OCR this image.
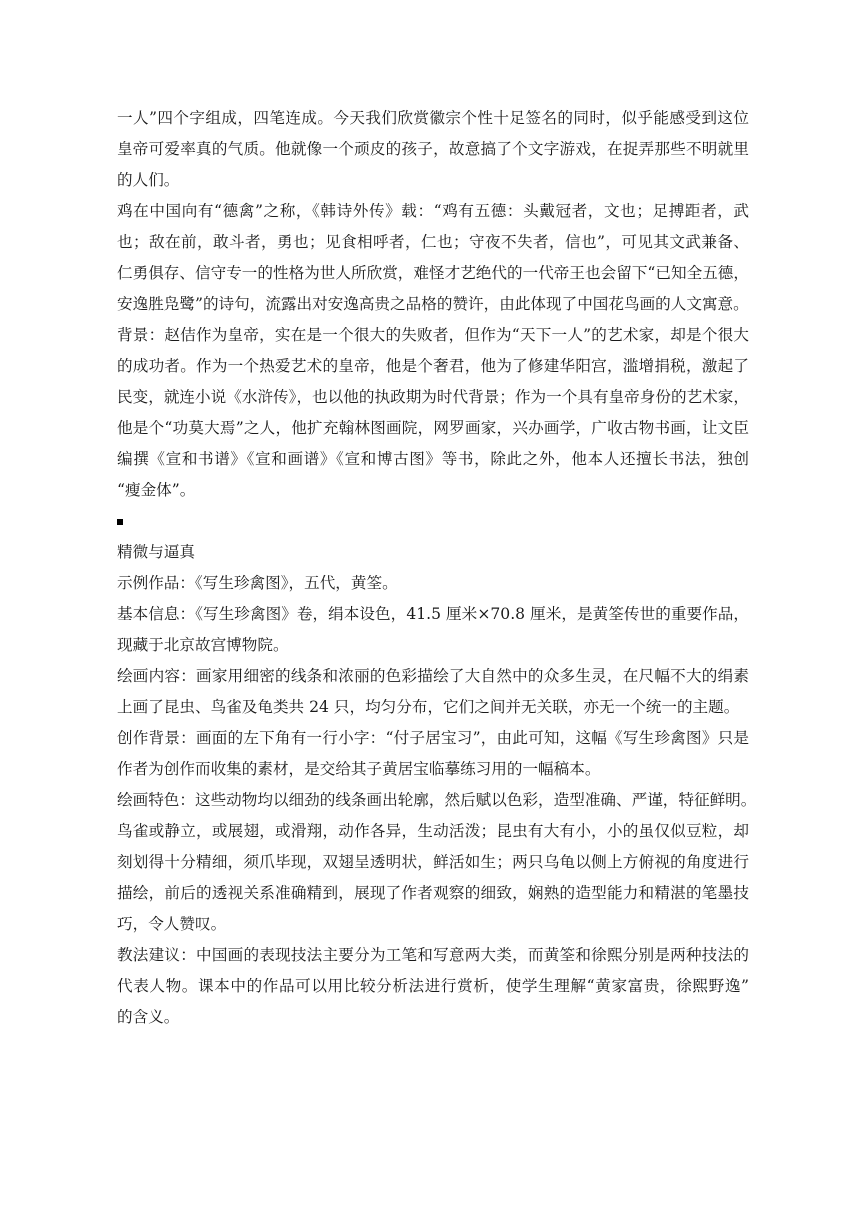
一人”四个字组成，四笔连成。今天我们欣赏徽宗个性十足签名的同时，似乎能感受到这位
皇帝可爱率真的气质。他就像一个顽皮的孩子，故意搞了个文字游戏，在捉弄那些不明就里
的人们。

鸡在中国向有“德禽”之称，《韩诗外传》载：“鸡有五德：头戴冠者，文也；足搏距者，武
也；敌在前，敢斗者，勇也；见食相呼者，仁也；守夜不失者，信也”，可见其文武兼备、
仁勇俱存、信守专一的性格为世人所欣赏，难怪才艺绝代的一代帝王也会留下“已知全五德，
安逸胜凫鹭”的诗句，流露出对安逸高贵之品格的赞许，由此体现了中国花鸟画的人文寓意。

背景：赵佶作为皇帝，实在是一个很大的失败者，但作为“天下一人”的艺术家，却是个很大
的成功者。作为一个热爱艺术的皇帝，他是个奢君，他为了修建华阳宫，滥增捐税，激起了
民变，就连小说《水浒传》，也以他的执政期为时代背景；作为一个具有皇帝身份的艺术家，
他是个“功莫大焉”之人，他扩充翰林图画院，网罗画家，兴办画学，广收古物书画，让文臣
编撰《宣和书谱》《宣和画谱》《宣和博古图》等书，除此之外，他本人还擅长书法，独创
“瘦金体”。

精微与逼真

示例作品：《写生珍禽图》，五代，黄筌。

基本信息：《写生珍禽图》卷，绢本设色，41.5 厘米×70.8 厘米，是黄筌传世的重要作品，
现藏于北京故宫博物院。

绘画内容：画家用细密的线条和浓丽的色彩描绘了大自然中的众多生灵，在尺幅不大的绢素
上画了昆虫、鸟雀及龟类共 24 只，均匀分布，它们之间并无关联，亦无一个统一的主题。

创作背景：画面的左下角有一行小字：“付子居宝习”，由此可知，这幅《写生珍禽图》只是
作者为创作而收集的素材，是交给其子黄居宝临摹练习用的一幅稿本。

绘画特色：这些动物均以细劲的线条画出轮廓，然后赋以色彩，造型准确、严谨，特征鲜明。
鸟雀或静立，或展翅，或滑翔，动作各异，生动活泼；昆虫有大有小，小的虽仅似豆粒，却
刻划得十分精细，须爪毕现，双翅呈透明状，鲜活如生；两只乌龟以侧上方俯视的角度进行
描绘，前后的透视关系准确精到，展现了作者观察的细致，娴熟的造型能力和精湛的笔墨技
巧，令人赞叹。

教法建议：中国画的表现技法主要分为工笔和写意两大类，而黄筌和徐熙分别是两种技法的
代表人物。课本中的作品可以用比较分析法进行赏析，使学生理解“黄家富贵，徐熙野逸”
的含义。
